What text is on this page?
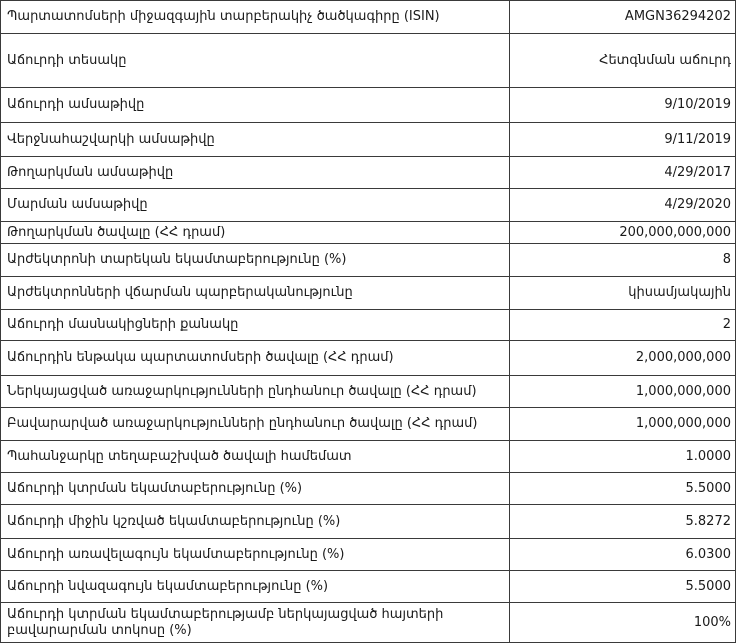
Պարտատոմսերի միջազգային տարբերակիչ ծածկագիրը (ISIN)	AMGN36294202
Աճուրդի տեսակը	Հետգնման աճուրդ
Աճուրդի ամսաթիվը	9/10/2019
Վերջնահաշվարկի ամսաթիվը	9/11/2019
Թողարկման ամսաթիվը	4/29/2017
Մարման ամսաթիվը	4/29/2020
Թողարկման ծավալը (ՀՀ դրամ)	200,000,000,000
Արժեկտրոնի տարեկան եկամտաբերությունը (%)	8
Արժեկտրոնների վճարման պարբերականությունը	կիսամյակային
Աճուրդի մասնակիցների քանակը	2
Աճուրդին ենթակա պարտատոմսերի ծավալը (ՀՀ դրամ)	2,000,000,000
Ներկայացված առաջարկությունների ընդհանուր ծավալը (ՀՀ դրամ)	1,000,000,000
Բավարարված առաջարկությունների ընդհանուր ծավալը (ՀՀ դրամ)	1,000,000,000
Պահանջարկը տեղաբաշխված ծավալի համեմատ	1.0000
Աճուրդի կտրման եկամտաբերությունը (%)	5.5000
Աճուրդի միջին կշռված եկամտաբերությունը (%)	5.8272
Աճուրդի առավելագույն եկամտաբերությունը (%)	6.0300
Աճուրդի նվազագույն եկամտաբերությունը (%)	5.5000
Աճուրդի կտրման եկամտաբերությամբ ներկայացված հայտերի բավարարման տոկոսը (%)	100%
